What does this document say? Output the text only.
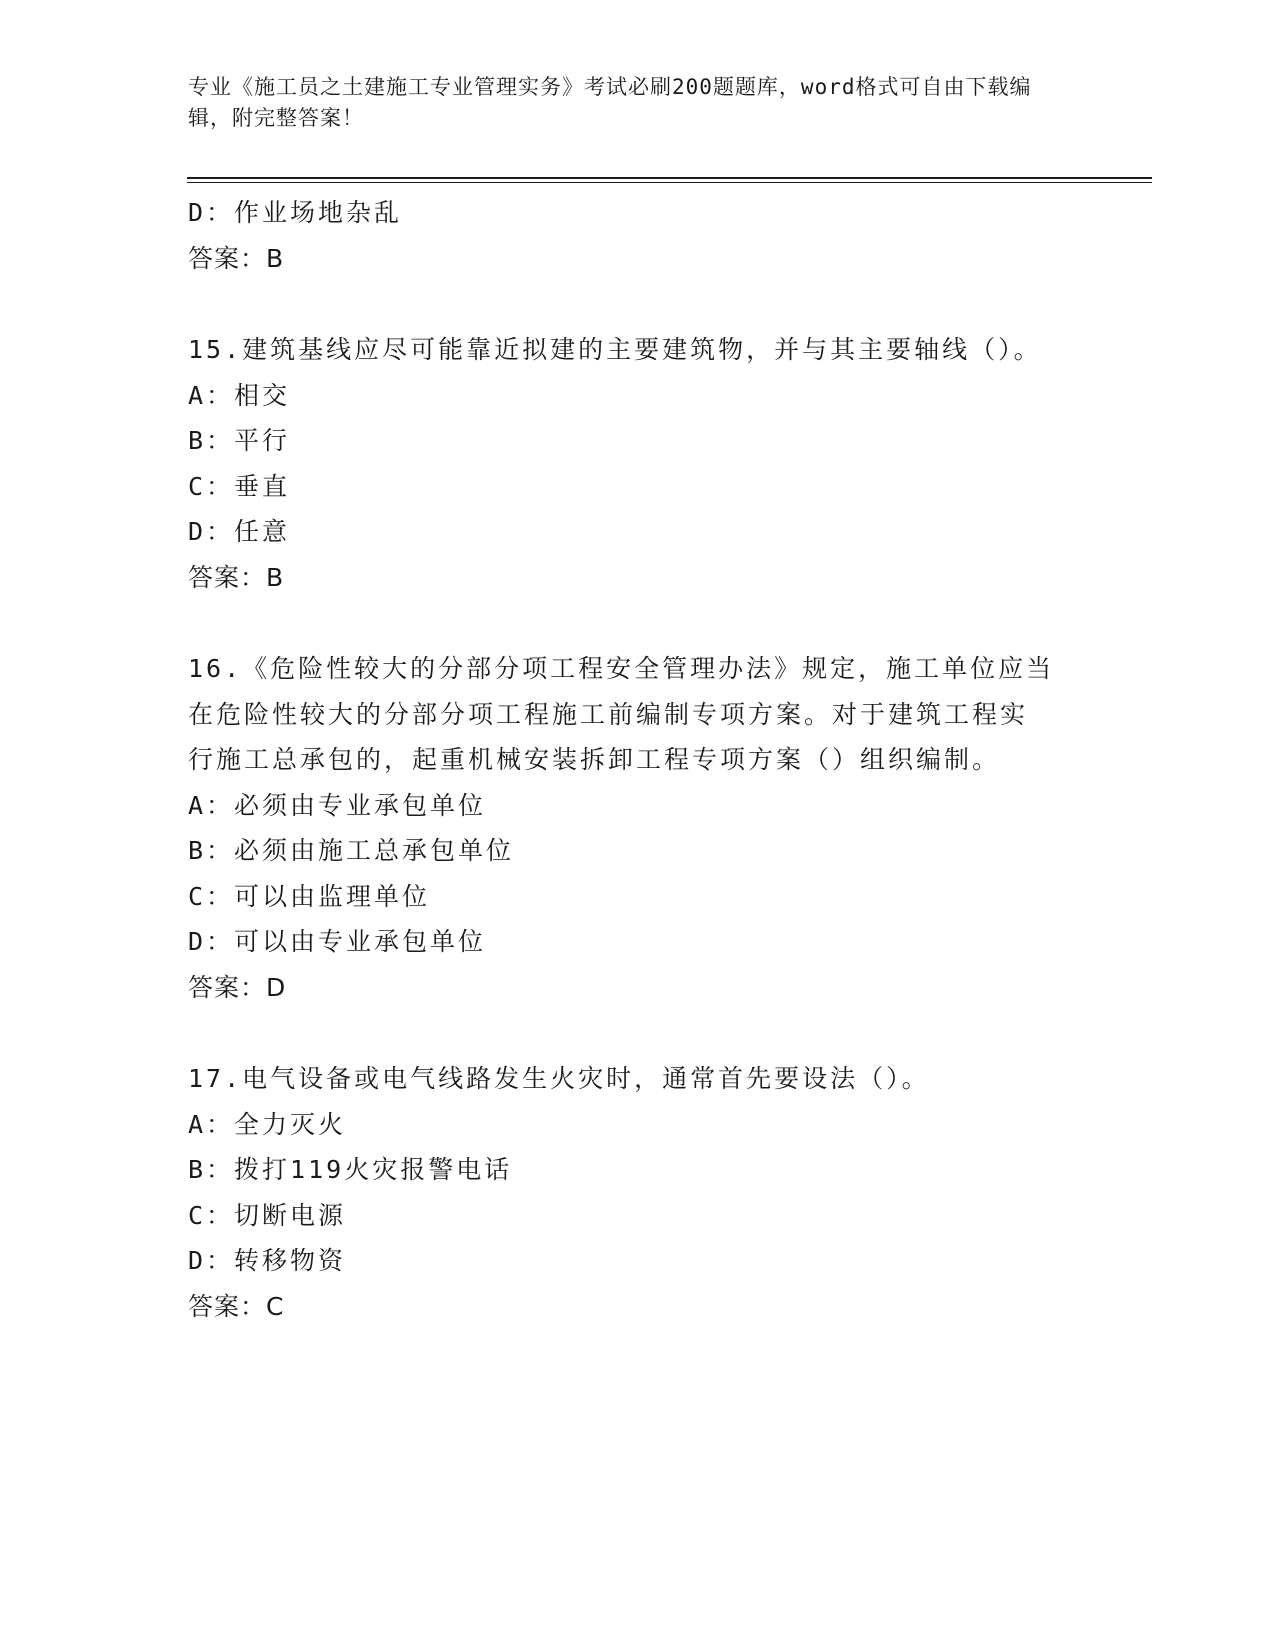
专业《施工员之土建施工专业管理实务》考试必刷200题题库，word格式可自由下载编辑，附完整答案！
D：作业场地杂乱
答案：B
15.建筑基线应尽可能靠近拟建的主要建筑物，并与其主要轴线（）。
A：相交
B：平行
C：垂直
D：任意
答案：B
16.《危险性较大的分部分项工程安全管理办法》规定，施工单位应当
在危险性较大的分部分项工程施工前编制专项方案。对于建筑工程实
行施工总承包的，起重机械安装拆卸工程专项方案（）组织编制。
A：必须由专业承包单位
B：必须由施工总承包单位
C：可以由监理单位
D：可以由专业承包单位
答案：D
17.电气设备或电气线路发生火灾时，通常首先要设法（）。
A：全力灭火
B：拨打119火灾报警电话
C：切断电源
D：转移物资
答案：C
